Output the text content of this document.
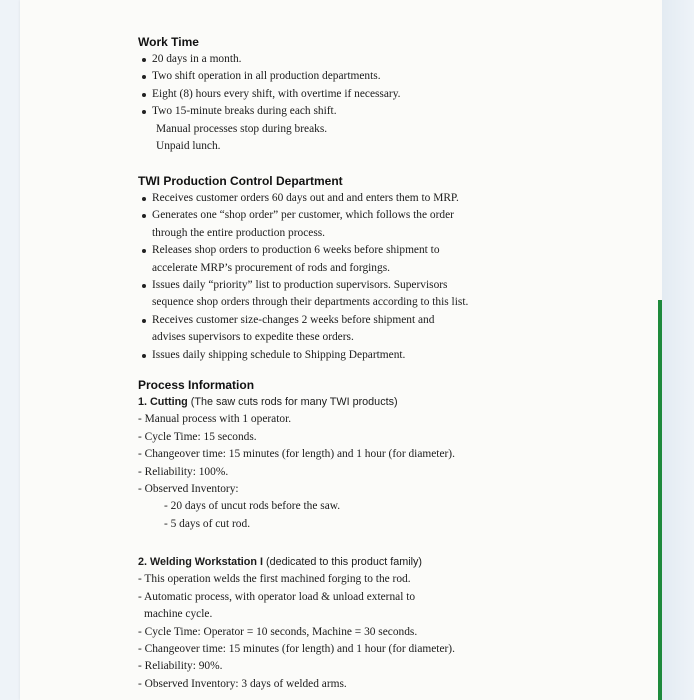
Work Time
20 days in a month.
Two shift operation in all production departments.
Eight (8) hours every shift, with overtime if necessary.
Two 15-minute breaks during each shift.
Manual processes stop during breaks.
Unpaid lunch.
TWI Production Control Department
Receives customer orders 60 days out and and enters them to MRP.
Generates one “shop order” per customer, which follows the order
through the entire production process.
Releases shop orders to production 6 weeks before shipment to
accelerate MRP’s procurement of rods and forgings.
Issues daily “priority” list to production supervisors. Supervisors
sequence shop orders through their departments according to this list.
Receives customer size-changes 2 weeks before shipment and
advises supervisors to expedite these orders.
Issues daily shipping schedule to Shipping Department.
Process Information
1. Cutting (The saw cuts rods for many TWI products)
- Manual process with 1 operator.
- Cycle Time: 15 seconds.
- Changeover time: 15 minutes (for length) and 1 hour (for diameter).
- Reliability: 100%.
- Observed Inventory:
- 20 days of uncut rods before the saw.
- 5 days of cut rod.
2. Welding Workstation I (dedicated to this product family)
- This operation welds the first machined forging to the rod.
- Automatic process, with operator load & unload external to
machine cycle.
- Cycle Time: Operator = 10 seconds, Machine = 30 seconds.
- Changeover time: 15 minutes (for length) and 1 hour (for diameter).
- Reliability: 90%.
- Observed Inventory: 3 days of welded arms.
